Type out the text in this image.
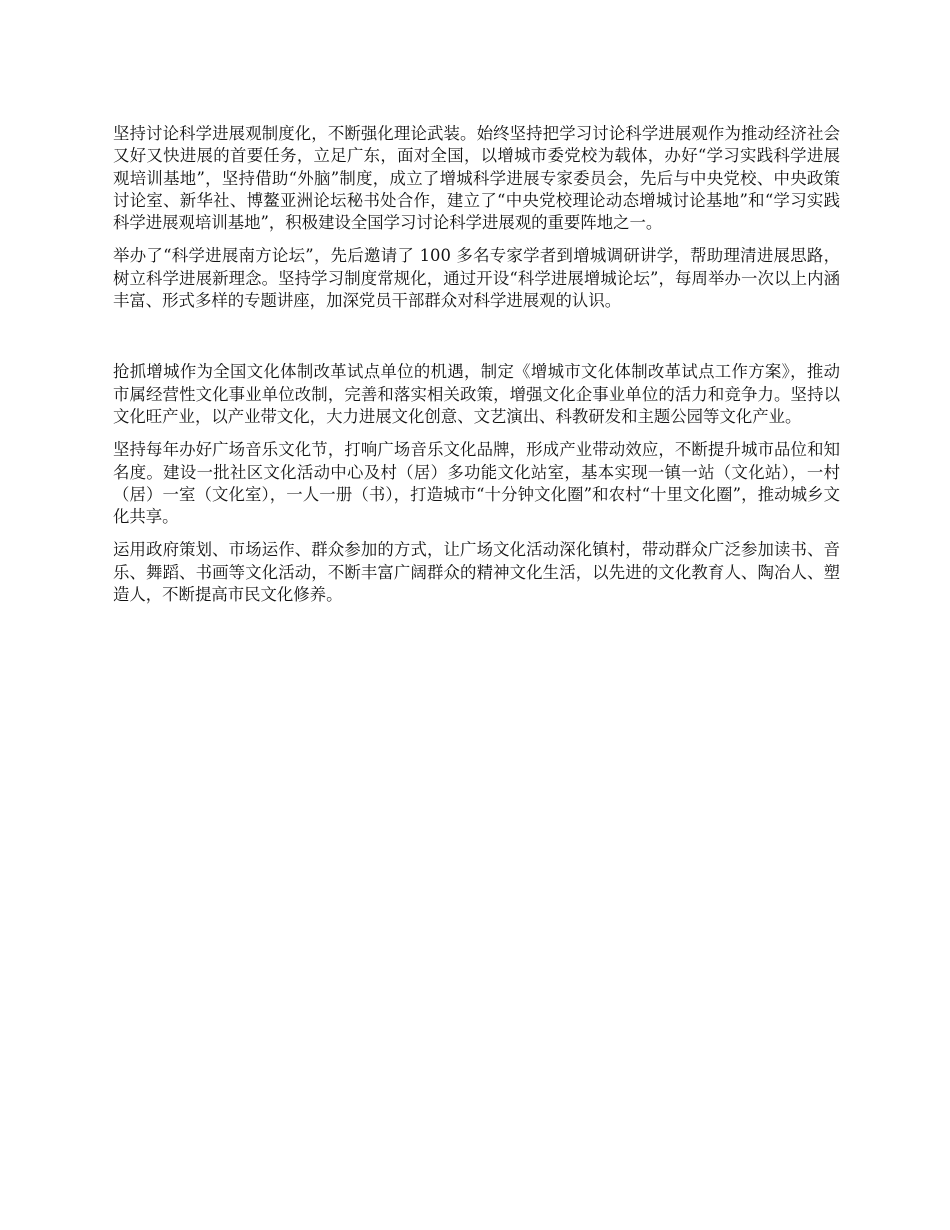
坚持讨论科学进展观制度化，不断强化理论武装。始终坚持把学习讨论科学进展观作为推动经济社会又好又快进展的首要任务，立足广东，面对全国，以增城市委党校为载体，办好“学习实践科学进展观培训基地”，坚持借助“外脑”制度，成立了增城科学进展专家委员会，先后与中央党校、中央政策讨论室、新华社、博鳌亚洲论坛秘书处合作，建立了“中央党校理论动态增城讨论基地”和“学习实践科学进展观培训基地”，积极建设全国学习讨论科学进展观的重要阵地之一。

举办了“科学进展南方论坛”，先后邀请了 100 多名专家学者到增城调研讲学，帮助理清进展思路，树立科学进展新理念。坚持学习制度常规化，通过开设“科学进展增城论坛”，每周举办一次以上内涵丰富、形式多样的专题讲座，加深党员干部群众对科学进展观的认识。

抢抓增城作为全国文化体制改革试点单位的机遇，制定《增城市文化体制改革试点工作方案》，推动市属经营性文化事业单位改制，完善和落实相关政策，增强文化企事业单位的活力和竞争力。坚持以文化旺产业，以产业带文化，大力进展文化创意、文艺演出、科教研发和主题公园等文化产业。

坚持每年办好广场音乐文化节，打响广场音乐文化品牌，形成产业带动效应，不断提升城市品位和知名度。建设一批社区文化活动中心及村（居）多功能文化站室，基本实现一镇一站（文化站），一村（居）一室（文化室），一人一册（书），打造城市“十分钟文化圈”和农村“十里文化圈”，推动城乡文化共享。

运用政府策划、市场运作、群众参加的方式，让广场文化活动深化镇村，带动群众广泛参加读书、音乐、舞蹈、书画等文化活动，不断丰富广阔群众的精神文化生活，以先进的文化教育人、陶冶人、塑造人，不断提高市民文化修养。
